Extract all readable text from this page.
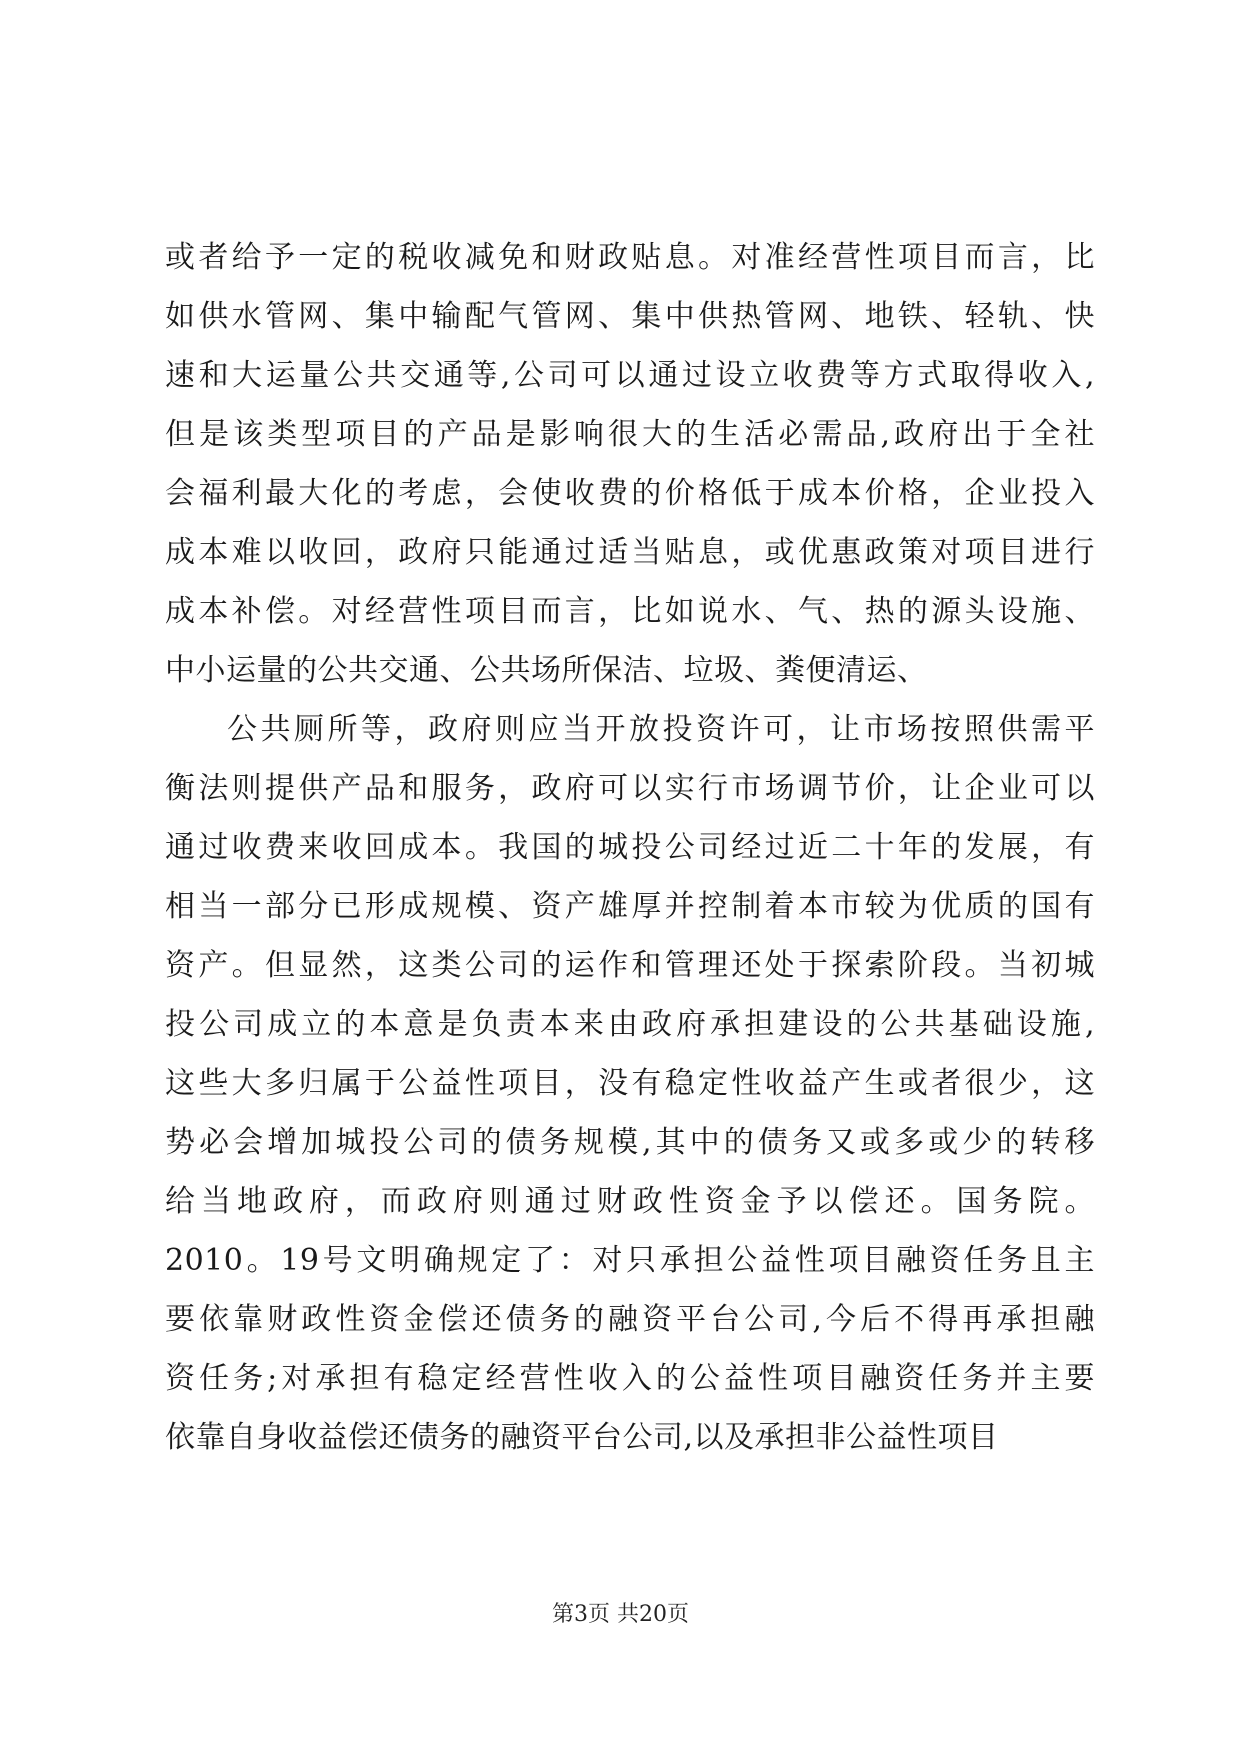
或者给予一定的税收减免和财政贴息。对准经营性项目而言，比
如供水管网、集中输配气管网、集中供热管网、地铁、轻轨、快
速和大运量公共交通等,公司可以通过设立收费等方式取得收入,
但是该类型项目的产品是影响很大的生活必需品,政府出于全社
会福利最大化的考虑，会使收费的价格低于成本价格，企业投入
成本难以收回，政府只能通过适当贴息，或优惠政策对项目进行
成本补偿。对经营性项目而言，比如说水、气、热的源头设施、
中小运量的公共交通、公共场所保洁、垃圾、粪便清运、
公共厕所等，政府则应当开放投资许可，让市场按照供需平
衡法则提供产品和服务，政府可以实行市场调节价，让企业可以
通过收费来收回成本。我国的城投公司经过近二十年的发展，有
相当一部分已形成规模、资产雄厚并控制着本市较为优质的国有
资产。但显然，这类公司的运作和管理还处于探索阶段。当初城
投公司成立的本意是负责本来由政府承担建设的公共基础设施,
这些大多归属于公益性项目，没有稳定性收益产生或者很少，这
势必会增加城投公司的债务规模,其中的债务又或多或少的转移
给当地政府，而政府则通过财政性资金予以偿还。国务院。
2010。19号文明确规定了：对只承担公益性项目融资任务且主
要依靠财政性资金偿还债务的融资平台公司,今后不得再承担融
资任务;对承担有稳定经营性收入的公益性项目融资任务并主要
依靠自身收益偿还债务的融资平台公司,以及承担非公益性项目
第3页 共20页
